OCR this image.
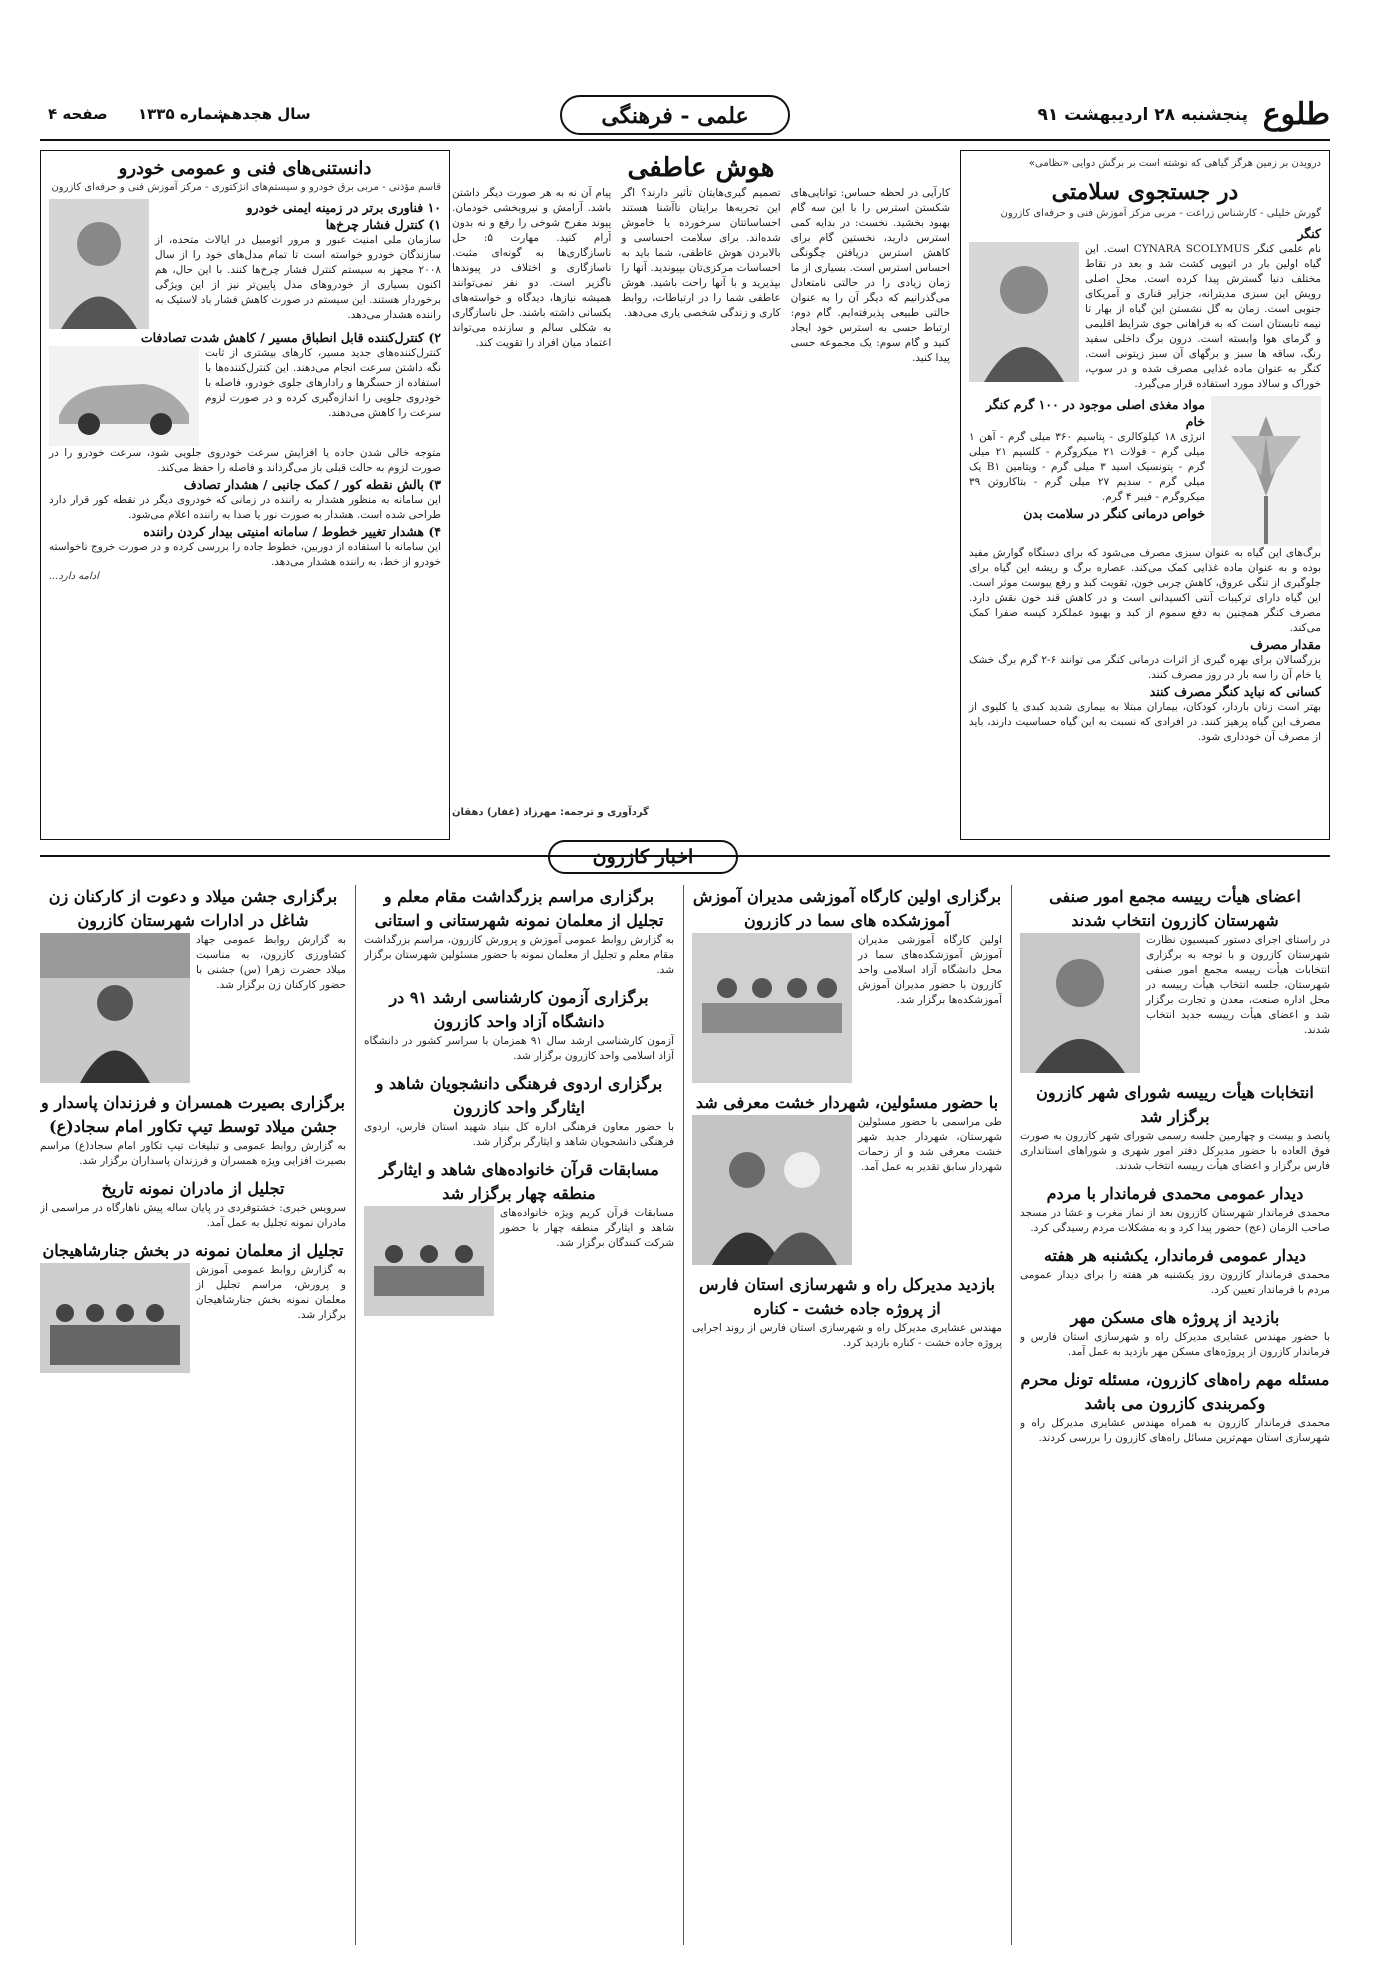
طلوع
پنجشنبه ۲۸ اردیبهشت ۹۱
علمی - فرهنگی
سال هجدهم
شماره ۱۳۳۵
صفحه ۴
درویدن بر زمین هرگز گیاهی که نوشته است بر برگش دوایی «نظامی»
در جستجوی سلامتی
گورش خلیلی - کارشناس زراعت - مربی مرکز آموزش فنی و حرفه‌ای کازرون
کنگر
نام علمی کنگر CYNARA SCOLYMUS است. این گیاه اولین بار در اتیوپی کشت شد و بعد در نقاط مختلف دنیا گسترش پیدا کرده است. محل اصلی رویش این سبزی مدیترانه، جزایر قناری و آمریکای جنوبی است. زمان به گل نشستن این گیاه از بهار تا نیمه تابستان است که به فراهانی جوی شرایط اقلیمی و گرمای هوا وابسته است. درون برگ داخلی سفید رنگ، ساقه ها سبز و برگهای آن سبز زیتونی است. کنگر به عنوان ماده غذایی مصرف شده و در سوپ، خوراک و سالاد مورد استفاده قرار می‌گیرد.
مواد مغذی اصلی موجود در ۱۰۰ گرم کنگر خام
انرژی ۱۸ کیلوکالری - پتاسیم ۳۶۰ میلی گرم - آهن ۱ میلی گرم - فولات ۲۱ میکروگرم - کلسیم ۲۱ میلی گرم - پتونسیک اسید ۳ میلی گرم - ویتامین B۱ یک میلی گرم - سدیم ۲۷ میلی گرم - بتاکاروتن ۳۹ میکروگرم - فیبر ۴ گرم.
خواص درمانی کنگر در سلامت بدن
برگ‌های این گیاه به عنوان سبزی مصرف می‌شود که برای دستگاه گوارش مفید بوده و به عنوان ماده غذایی کمک می‌کند. عصاره برگ و ریشه این گیاه برای جلوگیری از تنگی عروق، کاهش چربی خون، تقویت کبد و رفع یبوست موثر است. این گیاه دارای ترکیبات آنتی اکسیدانی است و در کاهش قند خون نقش دارد. مصرف کنگر همچنین به دفع سموم از کبد و بهبود عملکرد کیسه صفرا کمک می‌کند.
مقدار مصرف
بزرگسالان برای بهره گیری از اثرات درمانی کنگر می توانند ۶-۲ گرم برگ خشک یا خام آن را سه بار در روز مصرف کنند.
کسانی که نباید کنگر مصرف کنند
بهتر است زنان باردار، کودکان، بیماران مبتلا به بیماری شدید کبدی یا کلیوی از مصرف این گیاه پرهیز کنند. در افرادی که نسبت به این گیاه حساسیت دارند، باید از مصرف آن خودداری شود.
هوش عاطفی
کارآیی در لحظه حساس: توانایی‌های شکستن استرس را با این سه گام بهبود بخشید. نخست: در بدایه کمی استرس دارید، نخستین گام برای کاهش استرس دریافتن چگونگی احساس استرس است. بسیاری از ما زمان زیادی را در حالتی نامتعادل می‌گذرانیم که دیگر آن را به عنوان حالتی طبیعی پذیرفته‌ایم. گام دوم: ارتباط حسی به استرس خود ایجاد کنید و گام سوم: یک مجموعه حسی پیدا کنید.
تصمیم گیری‌هایتان تأثیر دارند؟ اگر این تجربه‌ها برایتان ناآشنا هستند احساساتتان سرخورده یا خاموش شده‌اند. برای سلامت احساسی و بالابردن هوش عاطفی، شما باید به احساسات مرکزی‌تان بپیوندید. آنها را بپذیرید و با آنها راحت باشید. هوش عاطفی شما را در ارتباطات، روابط کاری و زندگی شخصی یاری می‌دهد.
پیام آن نه به هر صورت دیگر داشتن باشد. آرامش و نیروبخشی خودمان. پیوند مفرح شوخی را رفع و نه بدون آرام کنید. مهارت ۵: حل ناسازگاری‌ها به گونه‌ای مثبت. ناسازگاری و اختلاف در پیوندها ناگزیر است. دو نفر نمی‌توانند همیشه نیازها، دیدگاه و خواسته‌های یکسانی داشته باشند. حل ناسازگاری به شکلی سالم و سازنده می‌تواند اعتماد میان افراد را تقویت کند.
گردآوری و ترجمه: مهرزاد (غفار) دهقان
دانستنی‌های فنی و عمومی خودرو
قاسم مؤذنی - مربی برق خودرو و سیستم‌های انژکتوری - مرکز آموزش فنی و حرفه‌ای کازرون
۱۰ فناوری برتر در زمینه ایمنی خودرو
۱) کنترل فشار چرخ‌ها
سازمان ملی امنیت عبور و مرور اتومبیل در ایالات متحده، از سازندگان خودرو خواسته است تا تمام مدل‌های خود را از سال ۲۰۰۸ مجهز به سیستم کنترل فشار چرخ‌ها کنند. با این حال، هم اکنون بسیاری از خودروهای مدل پایین‌تر نیز از این ویژگی برخوردار هستند. این سیستم در صورت کاهش فشار باد لاستیک به راننده هشدار می‌دهد.
۲) کنترل‌کننده قابل انطباق مسیر / کاهش شدت تصادفات
کنترل‌کننده‌های جدید مسیر، کارهای بیشتری از ثابت نگه داشتن سرعت انجام می‌دهند. این کنترل‌کننده‌ها با استفاده از حسگرها و رادارهای جلوی خودرو، فاصله با خودروی جلویی را اندازه‌گیری کرده و در صورت لزوم سرعت را کاهش می‌دهند.
متوجه خالی شدن جاده یا افزایش سرعت خودروی جلویی شود، سرعت خودرو را در صورت لزوم به حالت قبلی باز می‌گرداند و فاصله را حفظ می‌کند.
۳) بالش نقطه کور / کمک جانبی / هشدار تصادف
این سامانه به منظور هشدار به راننده در زمانی که خودروی دیگر در نقطه کور قرار دارد طراحی شده است. هشدار به صورت نور یا صدا به راننده اعلام می‌شود.
۴) هشدار تغییر خطوط / سامانه امنیتی بیدار کردن راننده
این سامانه با استفاده از دوربین، خطوط جاده را بررسی کرده و در صورت خروج ناخواسته خودرو از خط، به راننده هشدار می‌دهد.
ادامه دارد...
اخبار کازرون
اعضای هیأت رییسه مجمع امور صنفی شهرستان کازرون انتخاب شدند
در راستای اجرای دستور کمیسیون نظارت شهرستان کازرون و با توجه به برگزاری انتخابات هیأت رییسه مجمع امور صنفی شهرستان، جلسه انتخاب هیأت رییسه در محل اداره صنعت، معدن و تجارت برگزار شد و اعضای هیأت رییسه جدید انتخاب شدند.
انتخابات هیأت رییسه شورای شهر کازرون برگزار شد
پانصد و بیست و چهارمین جلسه رسمی شورای شهر کازرون به صورت فوق العاده با حضور مدیرکل دفتر امور شهری و شوراهای استانداری فارس برگزار و اعضای هیأت رییسه انتخاب شدند.
دیدار عمومی محمدی فرماندار با مردم
محمدی فرماندار شهرستان کازرون بعد از نماز مغرب و عشا در مسجد صاحب الزمان (عج) حضور پیدا کرد و به مشکلات مردم رسیدگی کرد.
دیدار عمومی فرماندار، یکشنبه هر هفته
محمدی فرماندار کازرون روز یکشنبه هر هفته را برای دیدار عمومی مردم با فرماندار تعیین کرد.
بازدید از پروژه های مسکن مهر
با حضور مهندس عشایری مدیرکل راه و شهرسازی استان فارس و فرماندار کازرون از پروژه‌های مسکن مهر بازدید به عمل آمد.
مسئله مهم راه‌های کازرون، مسئله تونل محرم وکمربندی کازرون می باشد
محمدی فرماندار کازرون به همراه مهندس عشایری مدیرکل راه و شهرسازی استان مهم‌ترین مسائل راه‌های کازرون را بررسی کردند.
برگزاری اولین کارگاه آموزشی مدیران آموزش آموزشکده های سما در کازرون
اولین کارگاه آموزشی مدیران آموزش آموزشکده‌های سما در محل دانشگاه آزاد اسلامی واحد کازرون با حضور مدیران آموزش آموزشکده‌ها برگزار شد.
با حضور مسئولین، شهردار خشت معرفی شد
طی مراسمی با حضور مسئولین شهرستان، شهردار جدید شهر خشت معرفی شد و از زحمات شهردار سابق تقدیر به عمل آمد.
بازدید مدیرکل راه و شهرسازی استان فارس از پروژه جاده خشت - کناره
مهندس عشایری مدیرکل راه و شهرسازی استان فارس از روند اجرایی پروژه جاده خشت - کناره بازدید کرد.
برگزاری مراسم بزرگداشت مقام معلم و تجلیل از معلمان نمونه شهرستانی و استانی
به گزارش روابط عمومی آموزش و پرورش کازرون، مراسم بزرگداشت مقام معلم و تجلیل از معلمان نمونه با حضور مسئولین شهرستان برگزار شد.
برگزاری آزمون کارشناسی ارشد ۹۱ در دانشگاه آزاد واحد کازرون
آزمون کارشناسی ارشد سال ۹۱ همزمان با سراسر کشور در دانشگاه آزاد اسلامی واحد کازرون برگزار شد.
برگزاری اردوی فرهنگی دانشجویان شاهد و ایثارگر واحد کازرون
با حضور معاون فرهنگی اداره کل بنیاد شهید استان فارس، اردوی فرهنگی دانشجویان شاهد و ایثارگر برگزار شد.
مسابقات قرآن خانواده‌های شاهد و ایثارگر منطقه چهار برگزار شد
مسابقات قرآن کریم ویژه خانواده‌های شاهد و ایثارگر منطقه چهار با حضور شرکت کنندگان برگزار شد.
برگزاری جشن میلاد و دعوت از کارکنان زن شاغل در ادارات شهرستان کازرون
به گزارش روابط عمومی جهاد کشاورزی کازرون، به مناسبت میلاد حضرت زهرا (س) جشنی با حضور کارکنان زن برگزار شد.
برگزاری بصیرت همسران و فرزندان پاسدار و جشن میلاد توسط تیپ تکاور امام سجاد(ع)
به گزارش روابط عمومی و تبلیغات تیپ تکاور امام سجاد(ع) مراسم بصیرت افزایی ویژه همسران و فرزندان پاسداران برگزار شد.
تجلیل از مادران نمونه تاریخ
سرویس خبری: خشتوفردی در پایان ساله پیش ناهارگاه در مراسمی از مادران نمونه تجلیل به عمل آمد.
تجلیل از معلمان نمونه در بخش جنارشاهیجان
به گزارش روابط عمومی آموزش و پرورش، مراسم تجلیل از معلمان نمونه بخش جنارشاهیجان برگزار شد.
